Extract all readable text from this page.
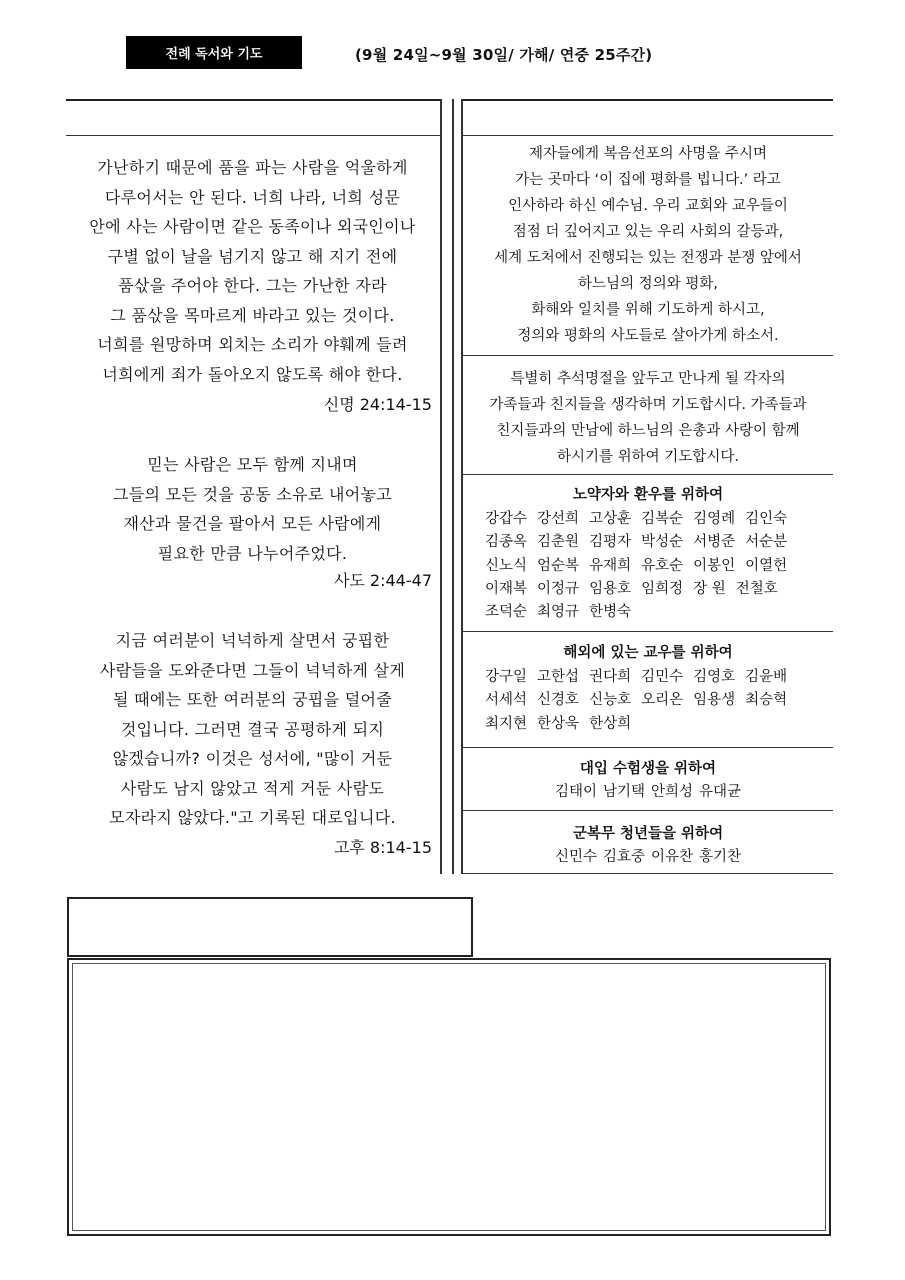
전례 독서와 기도	(9월 24일~9월 30일/ 가해/ 연중 25주간)
가난하기 때문에 품을 파는 사람을 억울하게
다루어서는 안 된다. 너희 나라, 너희 성문
안에 사는 사람이면 같은 동족이나 외국인이나
구별 없이 날을 넘기지 않고 해 지기 전에
품삯을 주어야 한다. 그는 가난한 자라
그 품삯을 목마르게 바라고 있는 것이다.
너희를 원망하며 외치는 소리가 야훼께 들려
너희에게 죄가 돌아오지 않도록 해야 한다.
신명 24:14-15
믿는 사람은 모두 함께 지내며
그들의 모든 것을 공동 소유로 내어놓고
재산과 물건을 팔아서 모든 사람에게
필요한 만큼 나누어주었다.
사도 2:44-47
지금 여러분이 넉넉하게 살면서 궁핍한
사람들을 도와준다면 그들이 넉넉하게 살게
될 때에는 또한 여러분의 궁핍을 덜어줄
것입니다. 그러면 결국 공평하게 되지
않겠습니까? 이것은 성서에, "많이 거둔
사람도 남지 않았고 적게 거둔 사람도
모자라지 않았다."고 기록된 대로입니다.
고후 8:14-15
제자들에게 복음선포의 사명을 주시며
가는 곳마다 ‘이 집에 평화를 빕니다.’ 라고
인사하라 하신 예수님. 우리 교회와 교우들이
점점 더 깊어지고 있는 우리 사회의 갈등과,
세계 도처에서 진행되는 있는 전쟁과 분쟁 앞에서
하느님의 정의와 평화,
화해와 일치를 위해 기도하게 하시고,
정의와 평화의 사도들로 살아가게 하소서.
특별히 추석명절을 앞두고 만나게 될 각자의
가족들과 친지들을 생각하며 기도합시다. 가족들과
친지들과의 만남에 하느님의 은총과 사랑이 함께
하시기를 위하여 기도합시다.
노약자와 환우를 위하여
강갑수 강선희 고상훈 김복순 김영례 김인숙 김종옥 김춘원 김평자 박성순 서병준 서순분 신노식 엄순복 유재희 유호순 이봉인 이열헌 이재복 이정규 임용호 임희정 장 원 전철호 조덕순 최영규 한병숙
해외에 있는 교우를 위하여
강구일 고한섭 권다희 김민수 김영호 김윤배 서세석 신경호 신능호 오리온 임용생 최승혁 최지현 한상욱 한상희
대입 수험생을 위하여
김태이 남기택 안희성 유대균
군복무 청년들을 위하여
신민수 김효중 이유찬 홍기찬
